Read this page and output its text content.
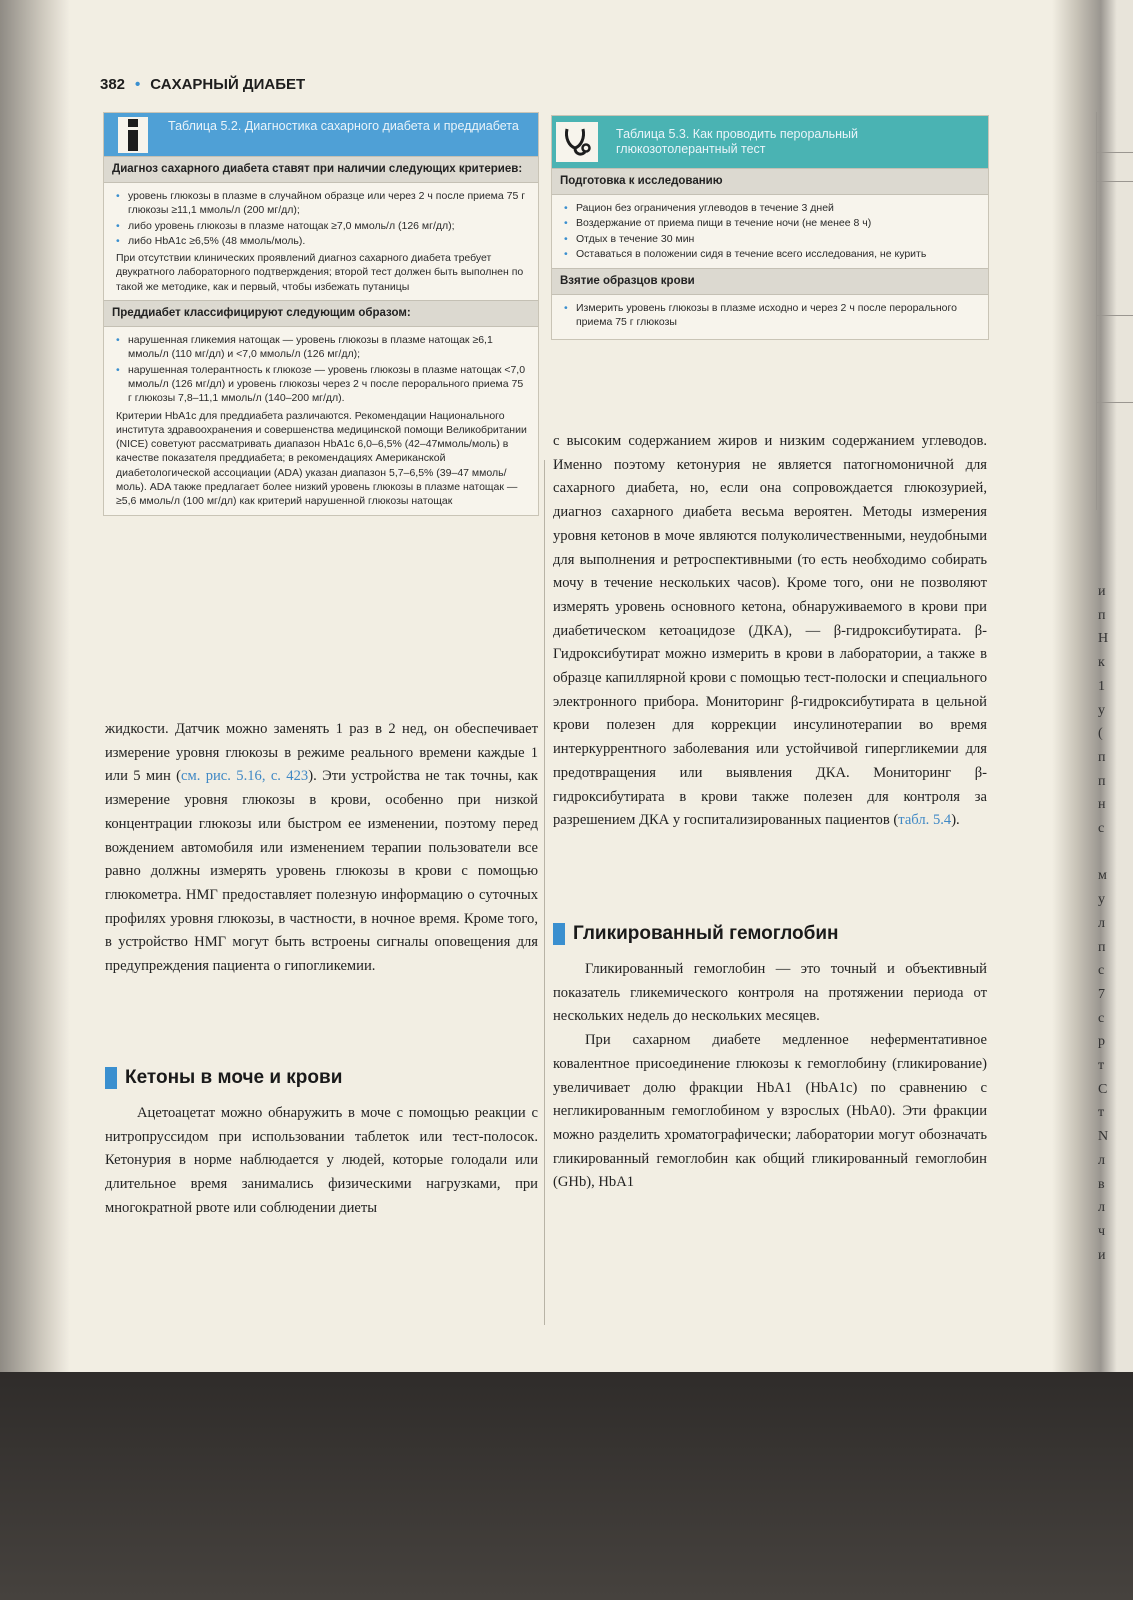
382 • САХАРНЫЙ ДИАБЕТ
Таблица 5.2. Диагностика сахарного диабета и преддиабета
Диагноз сахарного диабета ставят при наличии следующих критериев:
• уровень глюкозы в плазме в случайном образце или через 2 ч после приема 75 г глюкозы ≥11,1 ммоль/л (200 мг/дл);
• либо уровень глюкозы в плазме натощак ≥7,0 ммоль/л (126 мг/дл);
• либо HbA1c ≥6,5% (48 ммоль/моль).
При отсутствии клинических проявлений диагноз сахарного диабета требует двукратного лабораторного подтверждения; второй тест должен быть выполнен по такой же методике, как и первый, чтобы избежать путаницы
Преддиабет классифицируют следующим образом:
• нарушенная гликемия натощак — уровень глюкозы в плазме натощак ≥6,1 ммоль/л (110 мг/дл) и <7,0 ммоль/л (126 мг/дл);
• нарушенная толерантность к глюкозе — уровень глюкозы в плазме натощак <7,0 ммоль/л (126 мг/дл) и уровень глюкозы через 2 ч после перорального приема 75 г глюкозы 7,8–11,1 ммоль/л (140–200 мг/дл).
Критерии HbA1c для преддиабета различаются. Рекомендации Национального института здравоохранения и совершенства медицинской помощи Великобритании (NICE) советуют рассматривать диапазон HbA1c 6,0–6,5% (42–47ммоль/моль) в качестве показателя преддиабета; в рекомендациях Американской диабетологической ассоциации (ADA) указан диапазон 5,7–6,5% (39–47 ммоль/моль). ADA также предлагает более низкий уровень глюкозы в плазме натощак — ≥5,6 ммоль/л (100 мг/дл) как критерий нарушенной глюкозы натощак
Таблица 5.3. Как проводить пероральный глюкозотолерантный тест
Подготовка к исследованию
• Рацион без ограничения углеводов в течение 3 дней
• Воздержание от приема пищи в течение ночи (не менее 8 ч)
• Отдых в течение 30 мин
• Оставаться в положении сидя в течение всего исследования, не курить
Взятие образцов крови
• Измерить уровень глюкозы в плазме исходно и через 2 ч после перорального приема 75 г глюкозы

жидкости. Датчик можно заменять 1 раз в 2 нед, он обеспечивает измерение уровня глюкозы в режиме реального времени каждые 1 или 5 мин (см. рис. 5.16, с. 423). Эти устройства не так точны, как измерение уровня глюкозы в крови, особенно при низкой концентрации глюкозы или быстром ее изменении, поэтому перед вождением автомобиля или изменением терапии пользователи все равно должны измерять уровень глюкозы в крови с помощью глюкометра. НМГ предоставляет полезную информацию о суточных профилях уровня глюкозы, в частности, в ночное время. Кроме того, в устройство НМГ могут быть встроены сигналы оповещения для предупреждения пациента о гипогликемии.

Кетоны в моче и крови

Ацетоацетат можно обнаружить в моче с помощью реакции с нитропруссидом при использовании таблеток или тест-полосок. Кетонурия в норме наблюдается у людей, которые голодали или длительное время занимались физическими нагрузками, при многократной рвоте или соблюдении диеты

с высоким содержанием жиров и низким содержанием углеводов. Именно поэтому кетонурия не является патогномоничной для сахарного диабета, но, если она сопровождается глюкозурией, диагноз сахарного диабета весьма вероятен. Методы измерения уровня кетонов в моче являются полуколичественными, неудобными для выполнения и ретроспективными (то есть необходимо собирать мочу в течение нескольких часов). Кроме того, они не позволяют измерять уровень основного кетона, обнаруживаемого в крови при диабетическом кетоацидозе (ДКА), — β-гидроксибутирата. β-Гидроксибутират можно измерить в крови в лаборатории, а также в образце капиллярной крови с помощью тест-полоски и специального электронного прибора. Мониторинг β-гидроксибутирата в цельной крови полезен для коррекции инсулинотерапии во время интеркуррентного заболевания или устойчивой гипергликемии для предотвращения или выявления ДКА. Мониторинг β-гидроксибутирата в крови также полезен для контроля за разрешением ДКА у госпитализированных пациентов (табл. 5.4).

Гликированный гемоглобин

Гликированный гемоглобин — это точный и объективный показатель гликемического контроля на протяжении периода от нескольких недель до нескольких месяцев.

При сахарном диабете медленное неферментативное ковалентное присоединение глюкозы к гемоглобину (гликирование) увеличивает долю фракции HbA1 (HbA1c) по сравнению с негликированным гемоглобином у взрослых (HbA0). Эти фракции можно разделить хроматографически; лаборатории могут обозначать гликированный гемоглобин как общий гликированный гемоглобин (GHb), HbA1

и
п
Н
к
1
у
(
п
п
н
с

м
у
л
п
с
7
с
р
т
С
т
N
л
в
л
ч
и
